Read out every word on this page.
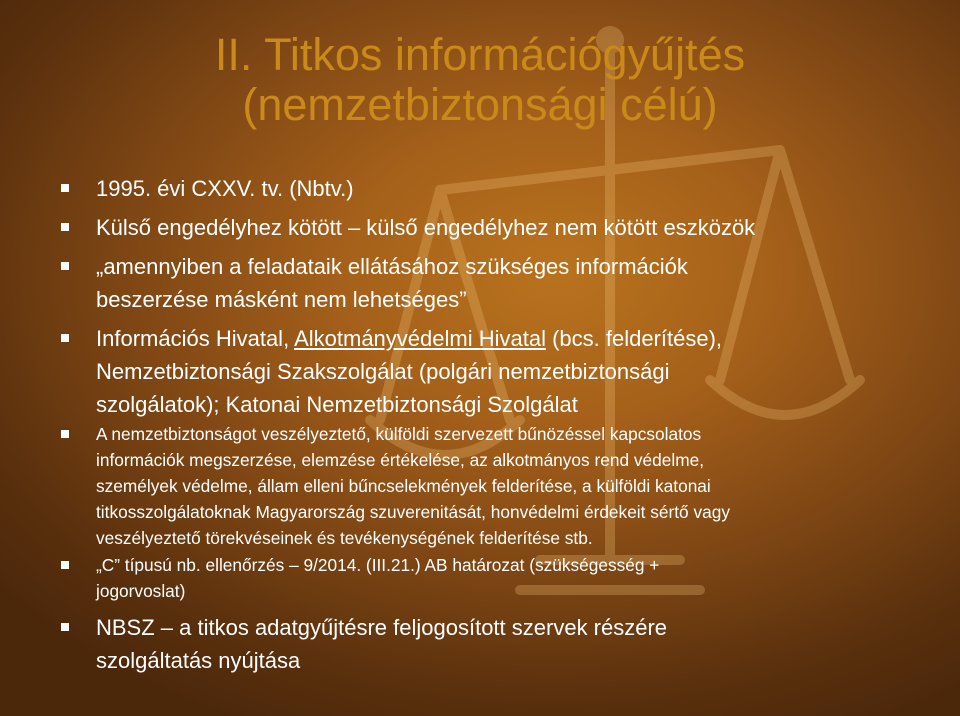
II. Titkos információgyűjtés
(nemzetbiztonsági célú)
1995. évi CXXV. tv. (Nbtv.)
Külső engedélyhez kötött – külső engedélyhez nem kötött eszközök
„amennyiben a feladataik ellátásához szükséges információk
beszerzése másként nem lehetséges”
Információs Hivatal, Alkotmányvédelmi Hivatal (bcs. felderítése),
Nemzetbiztonsági Szakszolgálat (polgári nemzetbiztonsági
szolgálatok); Katonai Nemzetbiztonsági Szolgálat
A nemzetbiztonságot veszélyeztető, külföldi szervezett bűnözéssel kapcsolatos
információk megszerzése, elemzése értékelése, az alkotmányos rend védelme,
személyek védelme, állam elleni bűncselekmények felderítése, a külföldi katonai
titkosszolgálatoknak Magyarország szuverenitását, honvédelmi érdekeit sértő vagy
veszélyeztető törekvéseinek és tevékenységének felderítése stb.
„C” típusú nb. ellenőrzés – 9/2014. (III.21.) AB határozat (szükségesség +
jogorvoslat)
NBSZ – a titkos adatgyűjtésre feljogosított szervek részére
szolgáltatás nyújtása
